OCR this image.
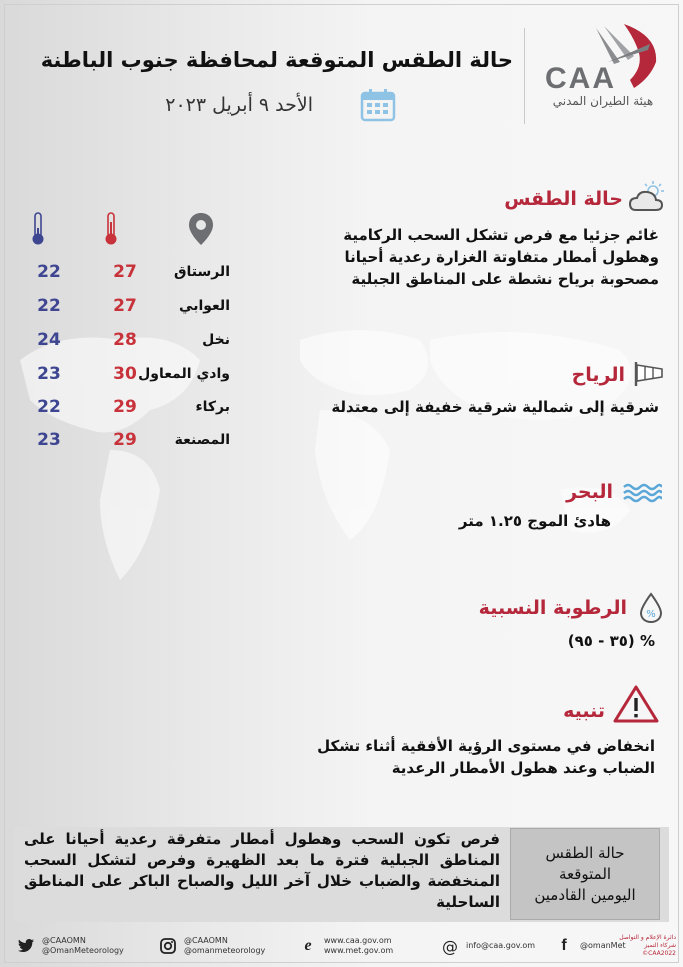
CAA
هيئة الطيران المدني
حالة الطقس المتوقعة لمحافظة جنوب الباطنة
الأحد ٩ أبريل ٢٠٢٣
الرستاق
27
22
العوابي
27
22
نخل
28
24
وادي المعاول
30
23
بركاء
29
22
المصنعة
29
23
حالة الطقس
غائم جزئيا مع فرص تشكل السحب الركامية
وهطول أمطار متفاوتة الغزارة رعدية أحيانا
مصحوبة برياح نشطة على المناطق الجبلية
الرياح
شرقية إلى شمالية شرقية خفيفة إلى معتدلة
البحر
هادئ الموج ١.٢٥ متر
%
الرطوبة النسبية
% (٣٥ - ٩٥)
تنبيه
انخفاض في مستوى الرؤية الأفقية أثناء تشكل
الضباب وعند هطول الأمطار الرعدية
حالة الطقس
المتوقعة
اليومين القادمين
فرص تكون السحب وهطول أمطار متفرقة رعدية أحيانا على المناطق الجبلية فترة ما بعد الظهيرة وفرص لتشكل السحب المنخفضة والضباب خلال آخر الليل والصباح الباكر على المناطق الساحلية
@CAAOMN
@OmanMeteorology
@CAAOMN
@omanmeteorology e www.caa.gov.om
www.met.gov.om	@ info@caa.gov.om f @omanMet
دائرة الإعلام و التواصل
شركاء التميز
©CAA2022
